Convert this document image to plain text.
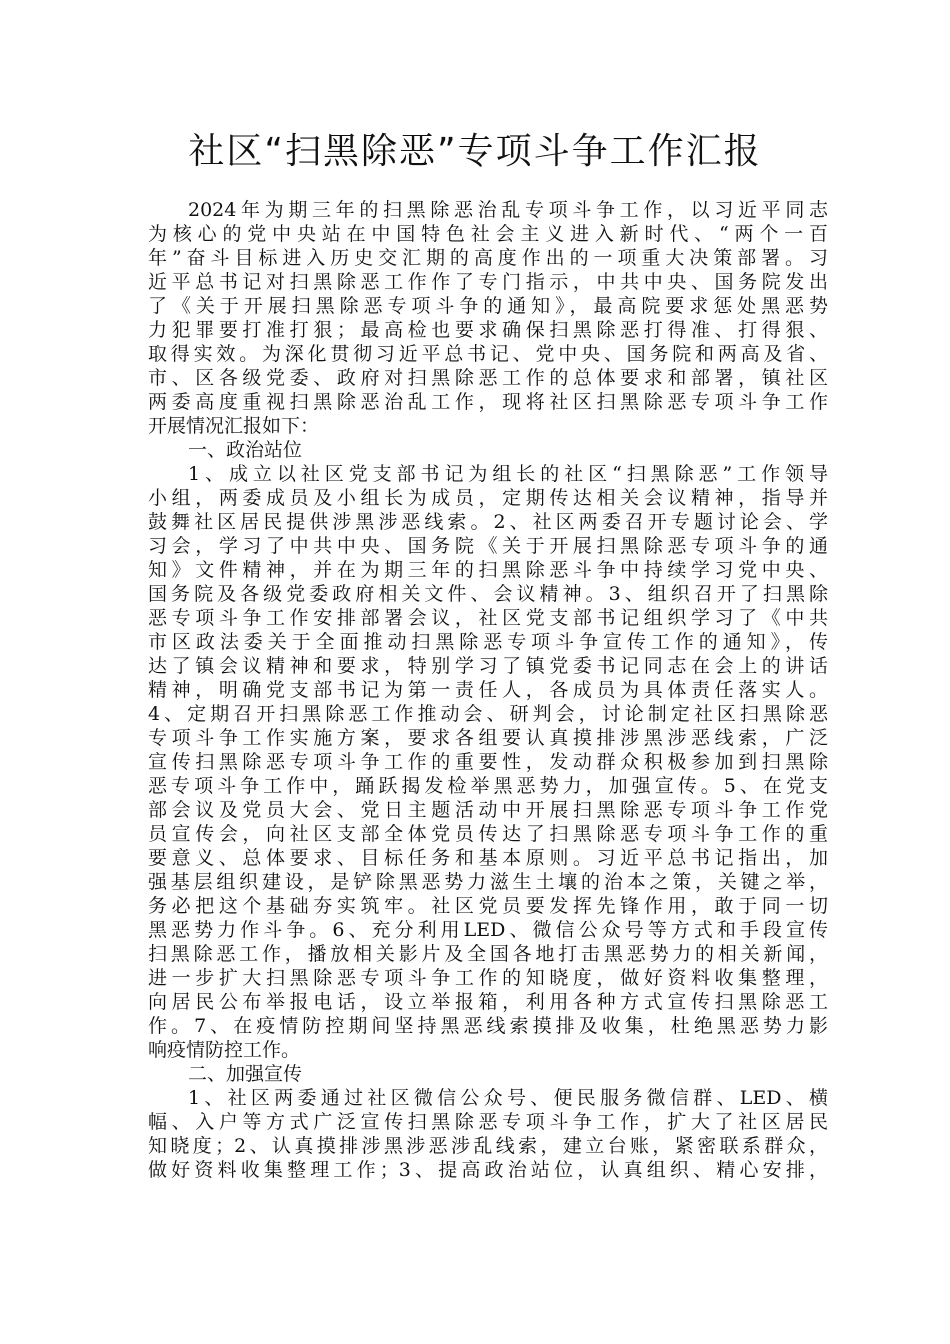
社区“扫黑除恶”专项斗争工作汇报
2024年为期三年的扫黑除恶治乱专项斗争工作，以习近平同志
为核心的党中央站在中国特色社会主义进入新时代、“两个一百
年”奋斗目标进入历史交汇期的高度作出的一项重大决策部署。习
近平总书记对扫黑除恶工作作了专门指示，中共中央、国务院发出
了《关于开展扫黑除恶专项斗争的通知》，最高院要求惩处黑恶势
力犯罪要打准打狠；最高检也要求确保扫黑除恶打得准、打得狠、
取得实效。为深化贯彻习近平总书记、党中央、国务院和两高及省、
市、区各级党委、政府对扫黑除恶工作的总体要求和部署，镇社区
两委高度重视扫黑除恶治乱工作，现将社区扫黑除恶专项斗争工作
开展情况汇报如下：
一、政治站位
1、成立以社区党支部书记为组长的社区“扫黑除恶”工作领导
小组，两委成员及小组长为成员，定期传达相关会议精神，指导并
鼓舞社区居民提供涉黑涉恶线索。2、社区两委召开专题讨论会、学
习会，学习了中共中央、国务院《关于开展扫黑除恶专项斗争的通
知》文件精神，并在为期三年的扫黑除恶斗争中持续学习党中央、
国务院及各级党委政府相关文件、会议精神。3、组织召开了扫黑除
恶专项斗争工作安排部署会议，社区党支部书记组织学习了《中共
市区政法委关于全面推动扫黑除恶专项斗争宣传工作的通知》，传
达了镇会议精神和要求，特别学习了镇党委书记同志在会上的讲话
精神，明确党支部书记为第一责任人，各成员为具体责任落实人。
4、定期召开扫黑除恶工作推动会、研判会，讨论制定社区扫黑除恶
专项斗争工作实施方案，要求各组要认真摸排涉黑涉恶线索，广泛
宣传扫黑除恶专项斗争工作的重要性，发动群众积极参加到扫黑除
恶专项斗争工作中，踊跃揭发检举黑恶势力，加强宣传。5、在党支
部会议及党员大会、党日主题活动中开展扫黑除恶专项斗争工作党
员宣传会，向社区支部全体党员传达了扫黑除恶专项斗争工作的重
要意义、总体要求、目标任务和基本原则。习近平总书记指出，加
强基层组织建设，是铲除黑恶势力滋生土壤的治本之策，关键之举，
务必把这个基础夯实筑牢。社区党员要发挥先锋作用，敢于同一切
黑恶势力作斗争。6、充分利用LED、微信公众号等方式和手段宣传
扫黑除恶工作，播放相关影片及全国各地打击黑恶势力的相关新闻，
进一步扩大扫黑除恶专项斗争工作的知晓度，做好资料收集整理，
向居民公布举报电话，设立举报箱，利用各种方式宣传扫黑除恶工
作。7、在疫情防控期间坚持黑恶线索摸排及收集，杜绝黑恶势力影
响疫情防控工作。
二、加强宣传
1、社区两委通过社区微信公众号、便民服务微信群、LED、横
幅、入户等方式广泛宣传扫黑除恶专项斗争工作，扩大了社区居民
知晓度；2、认真摸排涉黑涉恶涉乱线索，建立台账，紧密联系群众，
做好资料收集整理工作；3、提高政治站位，认真组织、精心安排，
